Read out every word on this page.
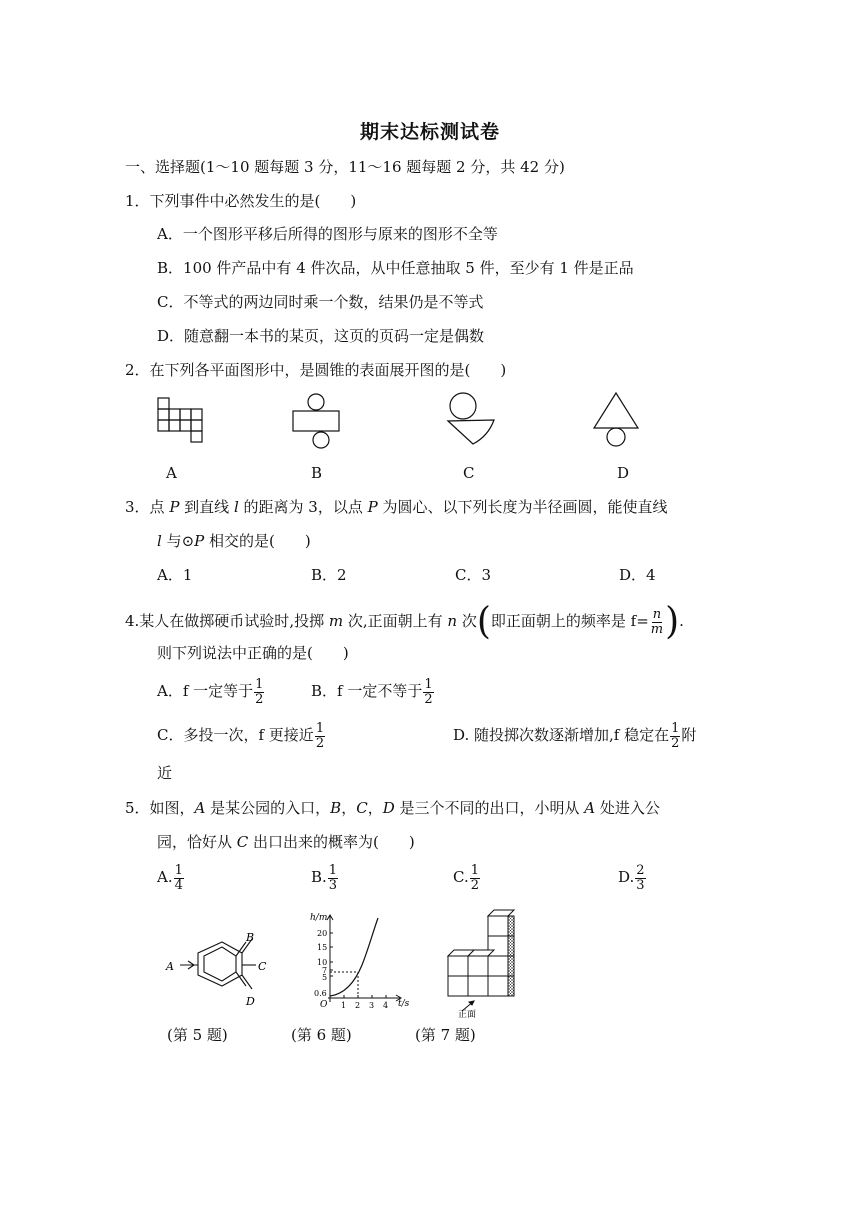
期末达标测试卷
一、选择题(1～10 题每题 3 分，11～16 题每题 2 分，共 42 分)
1．下列事件中必然发生的是(　　)
A．一个图形平移后所得的图形与原来的图形不全等
B．100 件产品中有 4 件次品，从中任意抽取 5 件，至少有 1 件是正品
C．不等式的两边同时乘一个数，结果仍是不等式
D．随意翻一本书的某页，这页的页码一定是偶数
2．在下列各平面图形中，是圆锥的表面展开图的是(　　)
A	B	C	D
3．点 P 到直线 l 的距离为 3，以点 P 为圆心、以下列长度为半径画圆，能使直线
l 与⊙P 相交的是(　　)
A．1	B．2	C．3	D．4
4.某人在做掷硬币试验时,投掷 m 次,正面朝上有 n 次(即正面朝上的频率是 $f= \frac{n}{m}$ ).
则下列说法中正确的是(　　)
A．f 一定等于 $\frac{1}{2}$	B．f 一定不等于 $\frac{1}{2}$
C．多投一次，f 更接近 $\frac{1}{2}$	D. 随投掷次数逐渐增加,f 稳定在 $\frac{1}{2}$ 附
近
5．如图，A 是某公园的入口，B，C，D 是三个不同的出口，小明从 A 处进入公
园，恰好从 C 出口出来的概率为(　　)
A. $\frac{1}{4}$	B. $\frac{1}{3}$	C. $\frac{1}{2}$	D. $\frac{2}{3}$
A
B
C
D
h/m
t/s
O
20
15
10
7
5
0.6
1 2 3 4
正面
(第 5 题)	(第 6 题)	(第 7 题)
